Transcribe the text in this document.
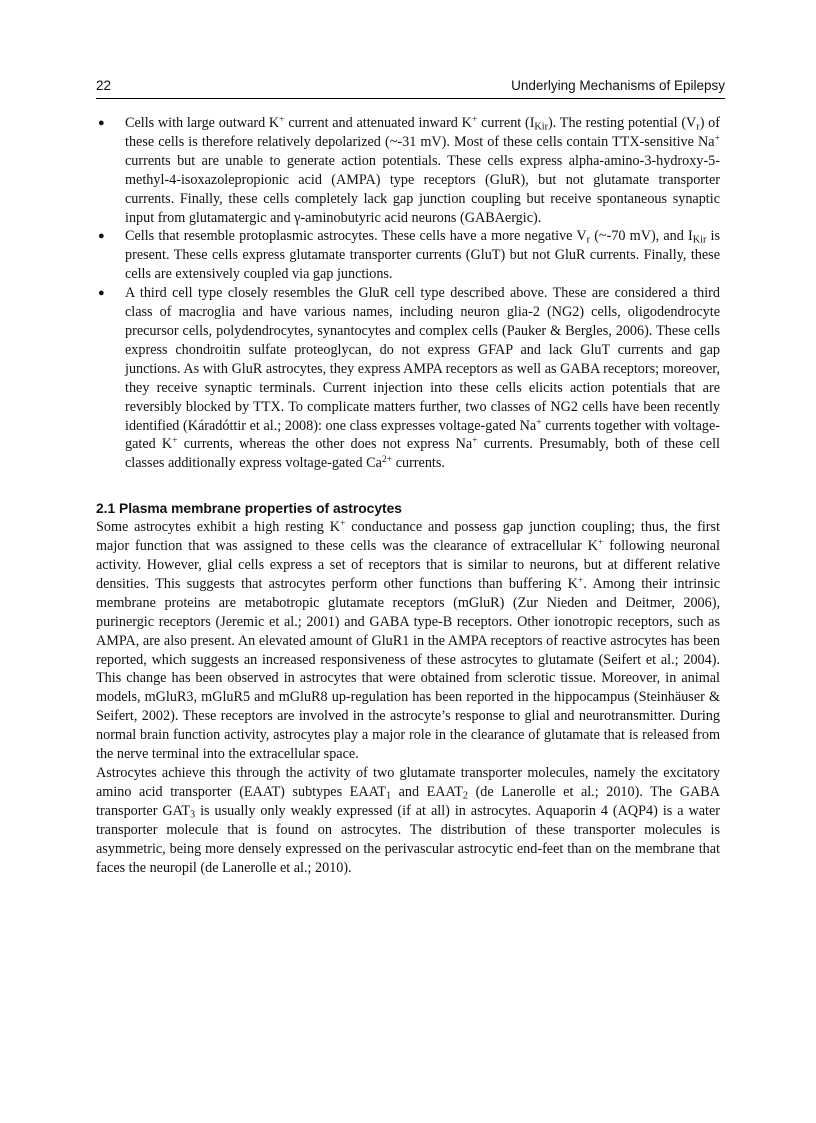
22	Underlying Mechanisms of Epilepsy
● Cells with large outward K+ current and attenuated inward K+ current $(I_{Kir})$. The resting potential $(V_r)$ of these cells is therefore relatively depolarized (~-31 mV). Most of these cells contain TTX-sensitive Na+ currents but are unable to generate action potentials. These cells express alpha-amino-3-hydroxy-5-methyl-4-isoxazolepropionic acid (AMPA) type receptors (GluR), but not glutamate transporter currents. Finally, these cells completely lack gap junction coupling but receive spontaneous synaptic input from glutamatergic and γ-aminobutyric acid neurons (GABAergic).
● Cells that resemble protoplasmic astrocytes. These cells have a more negative $V_r$ (~-70 mV), and $I_{Kir}$ is present. These cells express glutamate transporter currents (GluT) but not GluR currents. Finally, these cells are extensively coupled via gap junctions.
● A third cell type closely resembles the GluR cell type described above. These are considered a third class of macroglia and have various names, including neuron glia-2 (NG2) cells, oligodendrocyte precursor cells, polydendrocytes, synantocytes and complex cells (Pauker & Bergles, 2006). These cells express chondroitin sulfate proteoglycan, do not express GFAP and lack GluT currents and gap junctions. As with GluR astrocytes, they express AMPA receptors as well as GABA receptors; moreover, they receive synaptic terminals. Current injection into these cells elicits action potentials that are reversibly blocked by TTX. To complicate matters further, two classes of NG2 cells have been recently identified (Káradóttir et al.; 2008): one class expresses voltage-gated Na+ currents together with voltage-gated K+ currents, whereas the other does not express Na+ currents. Presumably, both of these cell classes additionally express voltage-gated $Ca^{2+}$ currents.
2.1 Plasma membrane properties of astrocytes

Some astrocytes exhibit a high resting K+ conductance and possess gap junction coupling; thus, the first major function that was assigned to these cells was the clearance of extracellular K+ following neuronal activity. However, glial cells express a set of receptors that is similar to neurons, but at different relative densities. This suggests that astrocytes perform other functions than buffering K+. Among their intrinsic membrane proteins are metabotropic glutamate receptors (mGluR) (Zur Nieden and Deitmer, 2006), purinergic receptors (Jeremic et al.; 2001) and GABA type-B receptors. Other ionotropic receptors, such as AMPA, are also present. An elevated amount of GluR1 in the AMPA receptors of reactive astrocytes has been reported, which suggests an increased responsiveness of these astrocytes to glutamate (Seifert et al.; 2004). This change has been observed in astrocytes that were obtained from sclerotic tissue. Moreover, in animal models, mGluR3, mGluR5 and mGluR8 up-regulation has been reported in the hippocampus (Steinhäuser & Seifert, 2002). These receptors are involved in the astrocyte’s response to glial and neurotransmitter. During normal brain function activity, astrocytes play a major role in the clearance of glutamate that is released from the nerve terminal into the extracellular space.

Astrocytes achieve this through the activity of two glutamate transporter molecules, namely the excitatory amino acid transporter (EAAT) subtypes $EAAT_1$ and $EAAT_2$ (de Lanerolle et al.; 2010). The GABA transporter $GAT_3$ is usually only weakly expressed (if at all) in astrocytes. Aquaporin 4 (AQP4) is a water transporter molecule that is found on astrocytes. The distribution of these transporter molecules is asymmetric, being more densely expressed on the perivascular astrocytic end-feet than on the membrane that faces the neuropil (de Lanerolle et al.; 2010).
